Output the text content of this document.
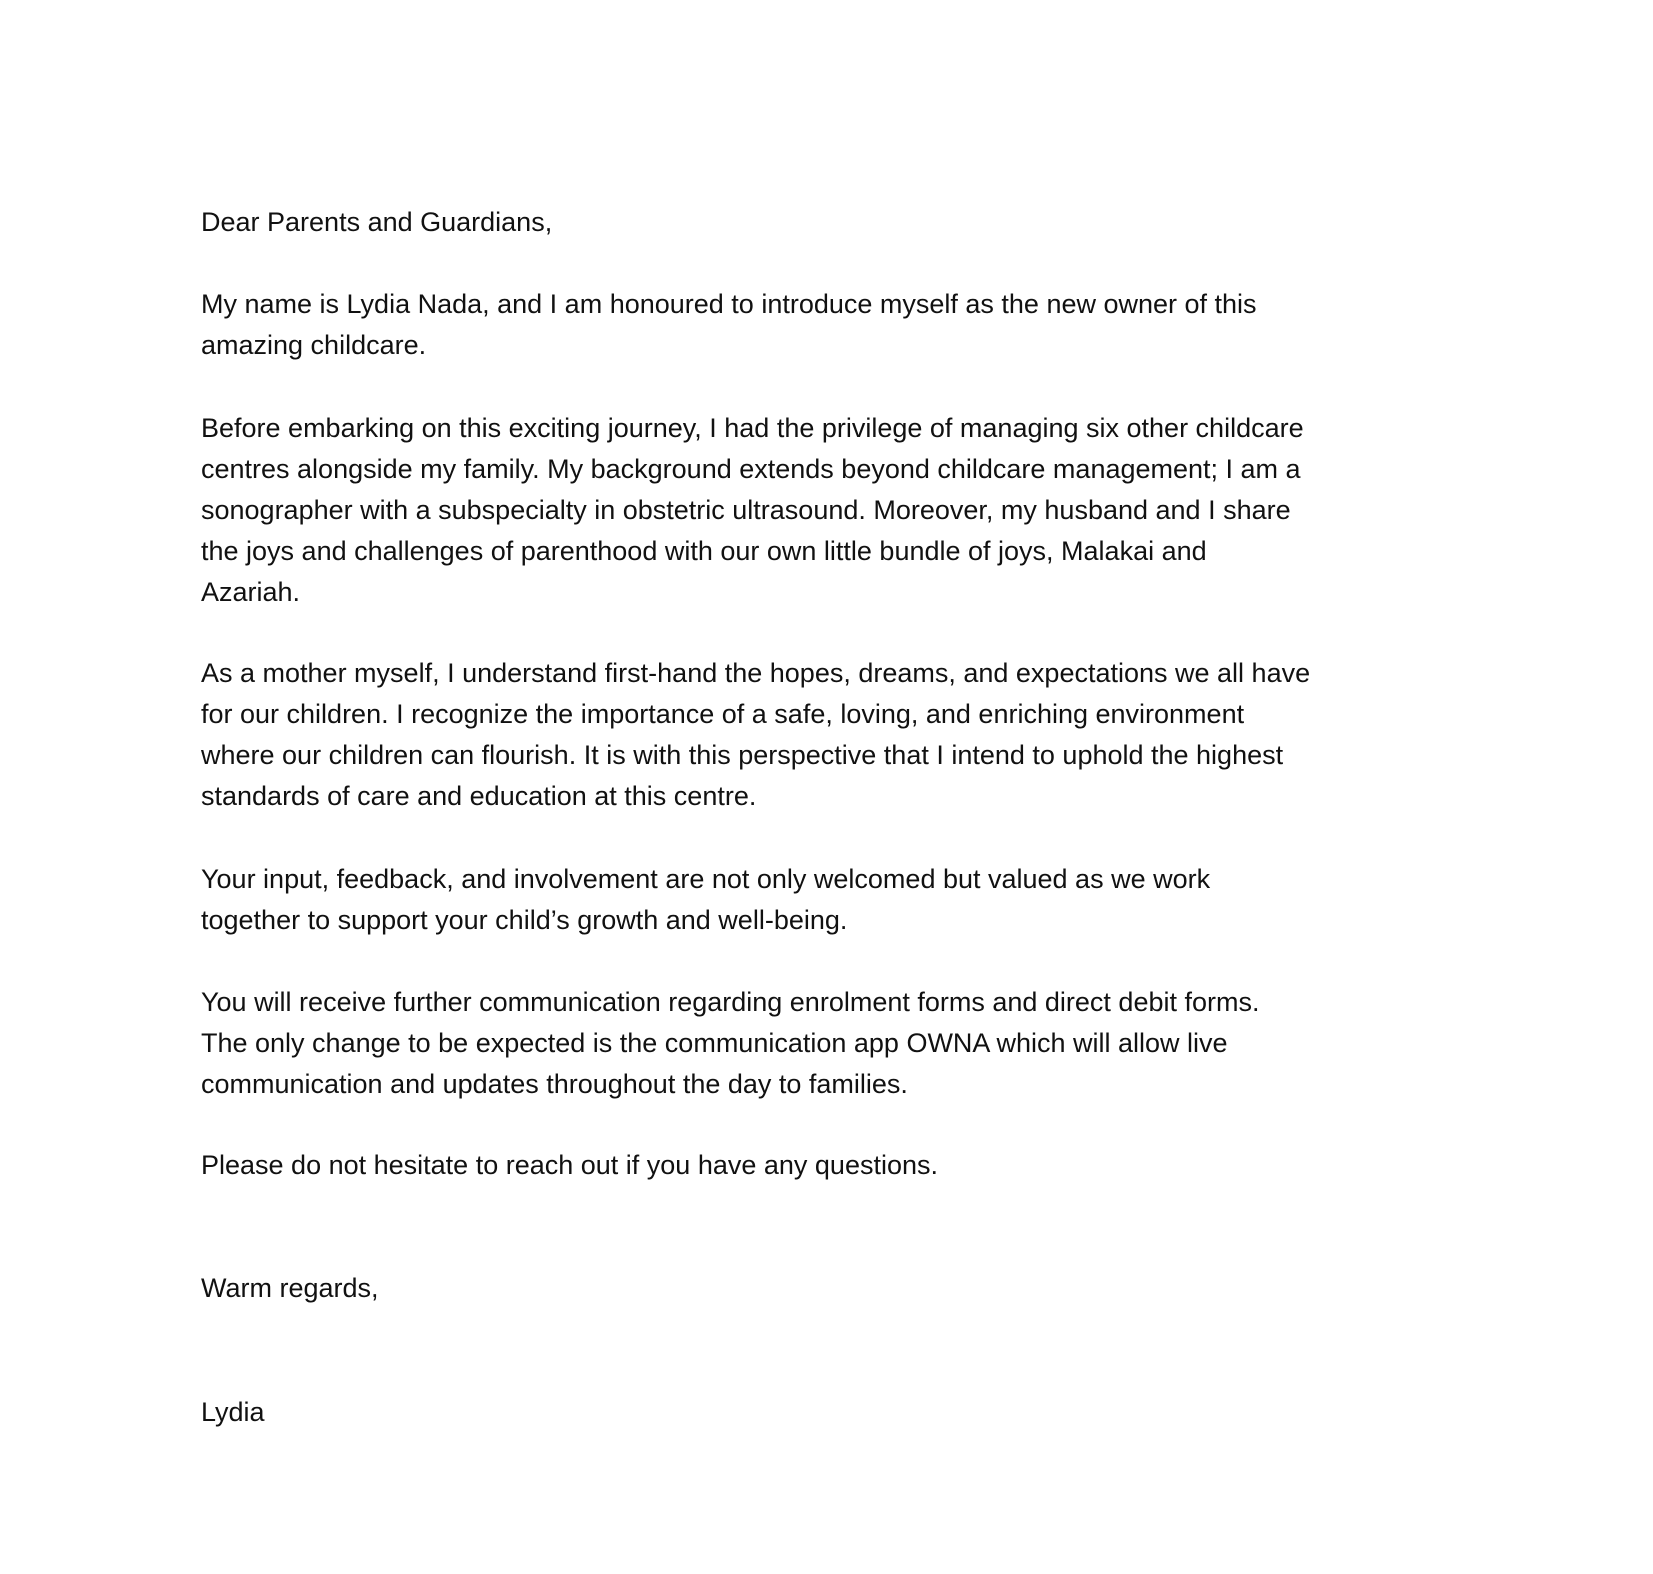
Dear Parents and Guardians,

My name is Lydia Nada, and I am honoured to introduce myself as the new owner of this
amazing childcare.

Before embarking on this exciting journey, I had the privilege of managing six other childcare
centres alongside my family. My background extends beyond childcare management; I am a
sonographer with a subspecialty in obstetric ultrasound. Moreover, my husband and I share
the joys and challenges of parenthood with our own little bundle of joys, Malakai and
Azariah.

As a mother myself, I understand first-hand the hopes, dreams, and expectations we all have
for our children. I recognize the importance of a safe, loving, and enriching environment
where our children can flourish. It is with this perspective that I intend to uphold the highest
standards of care and education at this centre.

Your input, feedback, and involvement are not only welcomed but valued as we work
together to support your child’s growth and well-being.

You will receive further communication regarding enrolment forms and direct debit forms.
The only change to be expected is the communication app OWNA which will allow live
communication and updates throughout the day to families.

Please do not hesitate to reach out if you have any questions.

Warm regards,

Lydia
